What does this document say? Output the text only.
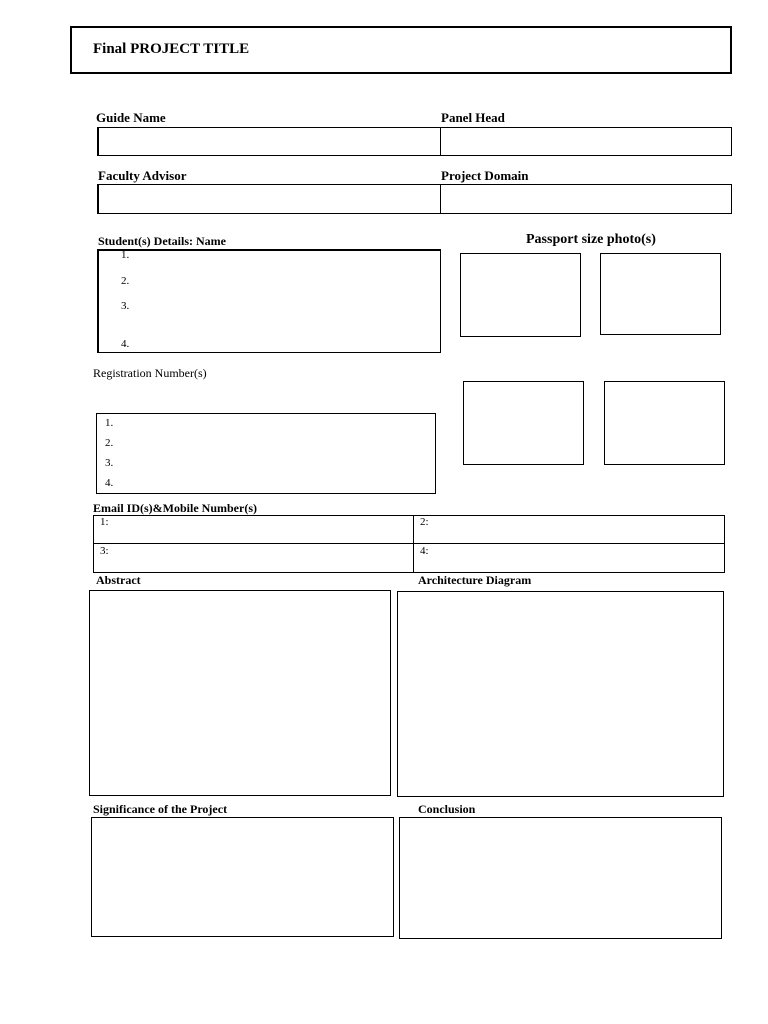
Final PROJECT TITLE
Guide Name	Panel Head
Faculty Advisor	Project Domain
Student(s) Details: Name
1.
2.
3.
4.
Passport size photo(s)
Registration Number(s)
1.
2.
3.
4.
Email ID(s)&Mobile Number(s)
1:	2:
3:	4:
Abstract	Architecture Diagram
Significance of the Project	Conclusion
